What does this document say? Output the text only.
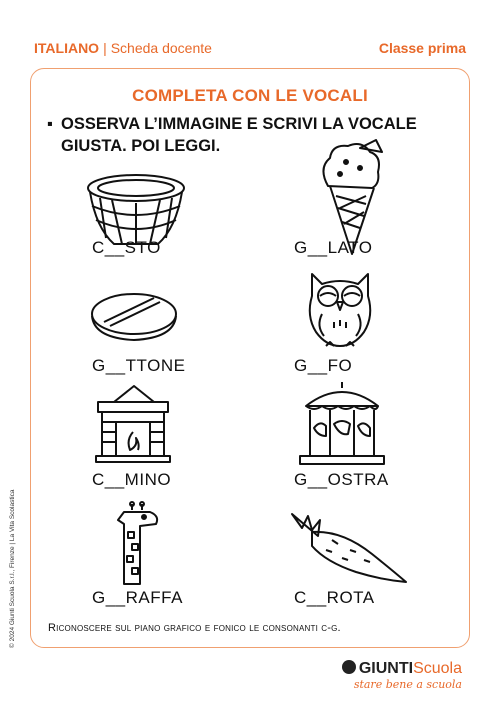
ITALIANO | Scheda docente	Classe prima
COMPLETA CON LE VOCALI
▪ OSSERVA L’IMMAGINE E SCRIVI LA VOCALE GIUSTA. POI LEGGI.
C__STO	G__LATO
G__TTONE	G__FO
C__MINO	G__OSTRA
G__RAFFA	C__ROTA
Riconoscere sul piano grafico e fonico le consonanti c-g.
© 2024 Giunti Scuola S.r.l., Firenze | La Vita Scolastica
GIUNTIScuola
stare bene a scuola
